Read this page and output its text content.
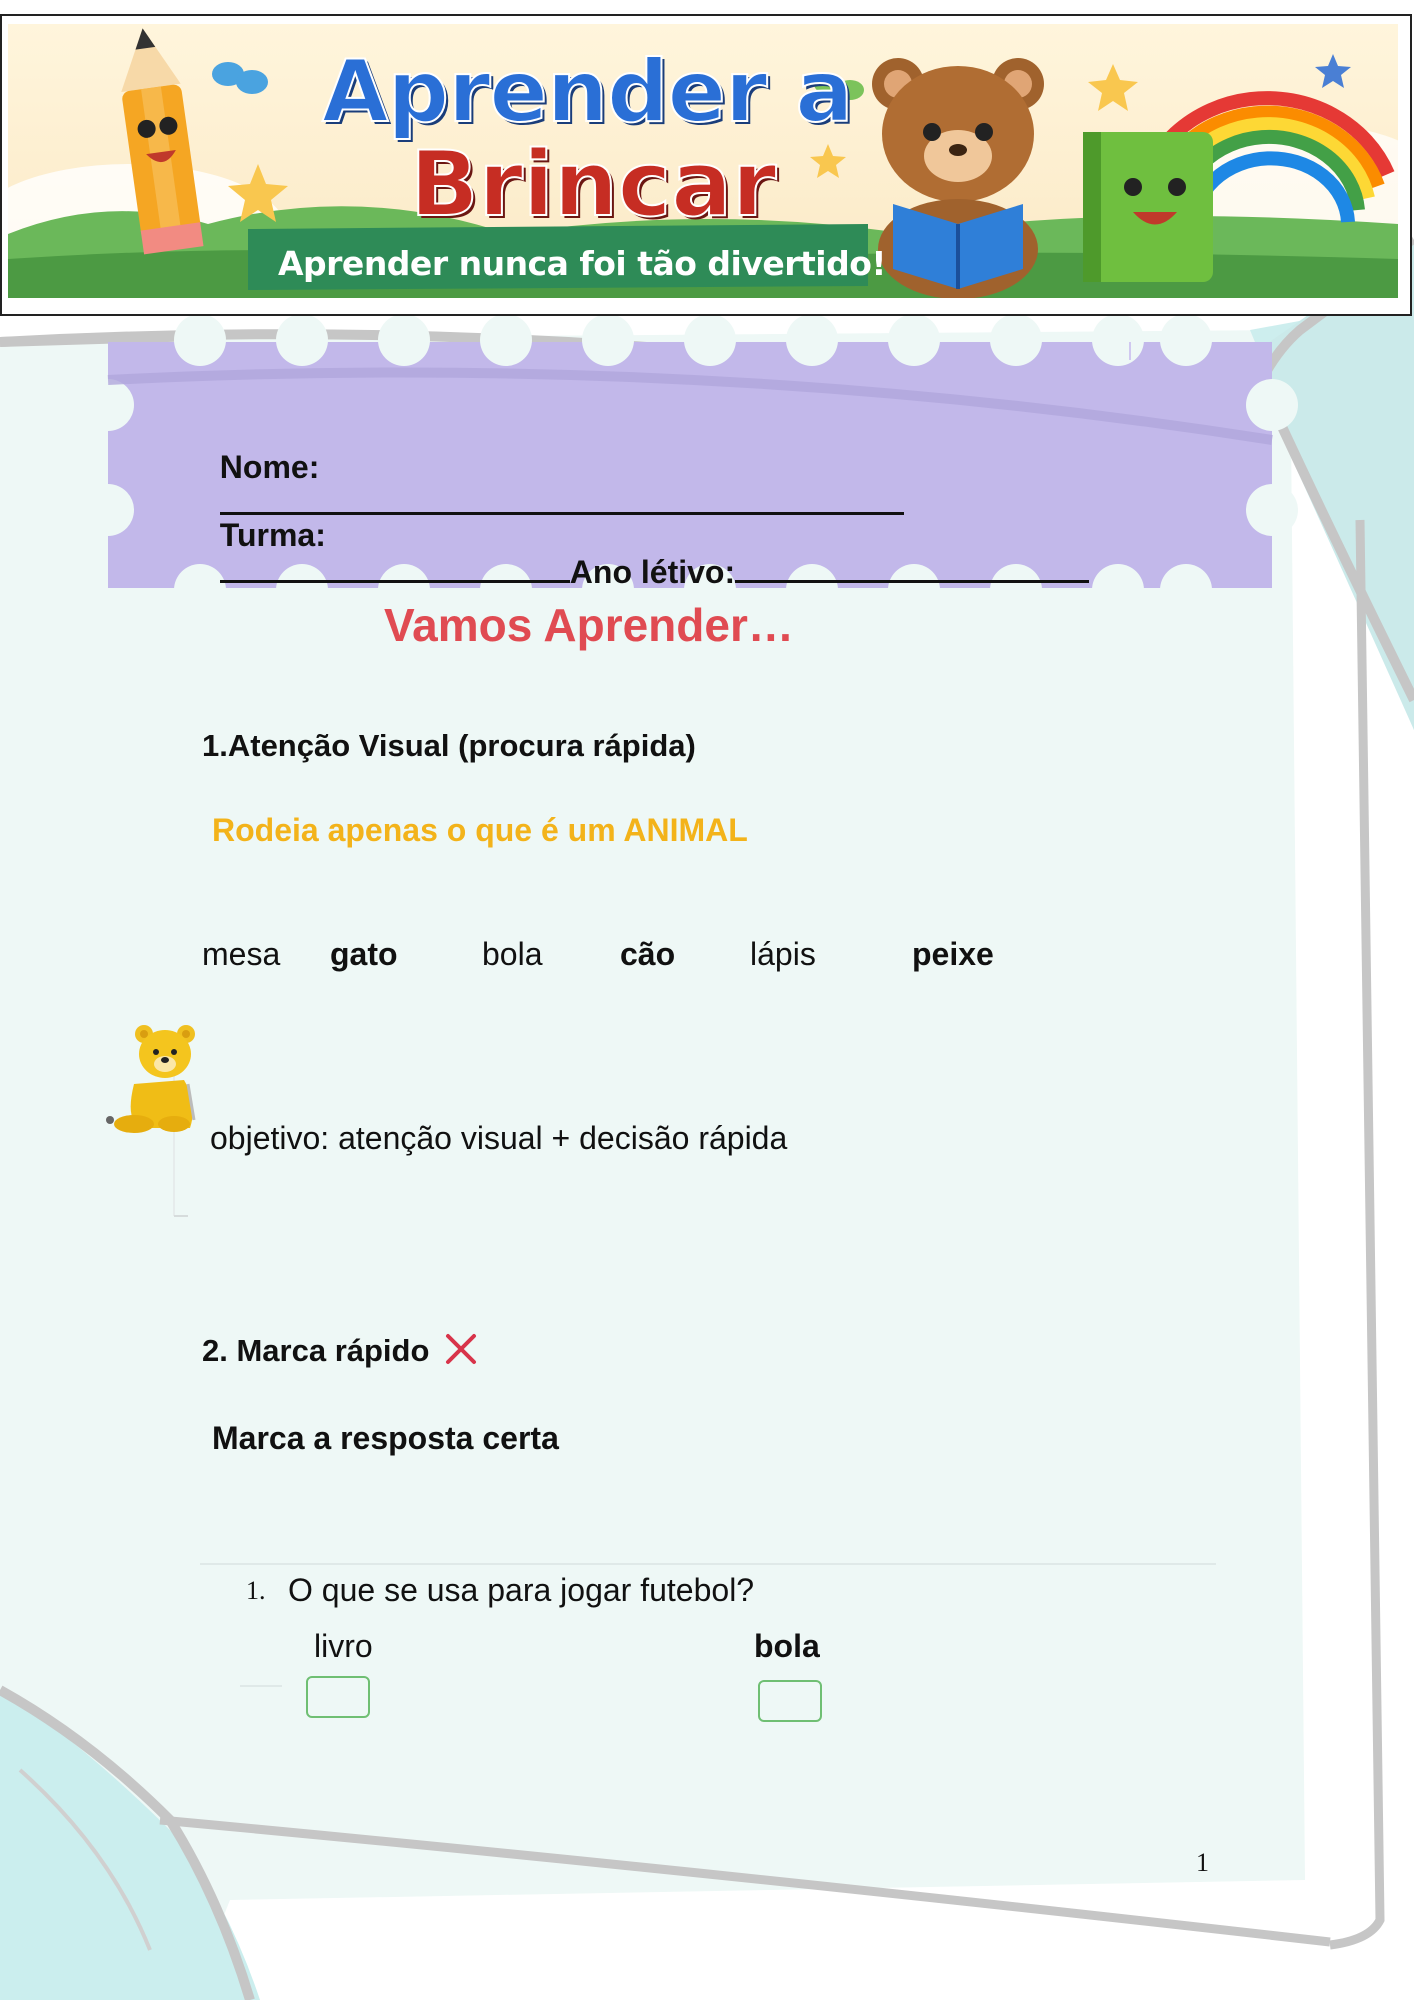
Aprender a
Brincar
Aprender nunca foi tão divertido!

Nome:

Turma:
Ano létivo:

Vamos Aprender…
1.Atenção Visual (procura rápida)
Rodeia apenas o que é um ANIMAL
mesa gato	bola cão lápis	peixe
objetivo: atenção visual + decisão rápida
2. Marca rápido
Marca a resposta certa
1. O que se usa para jogar futebol?
livro	bola
1
